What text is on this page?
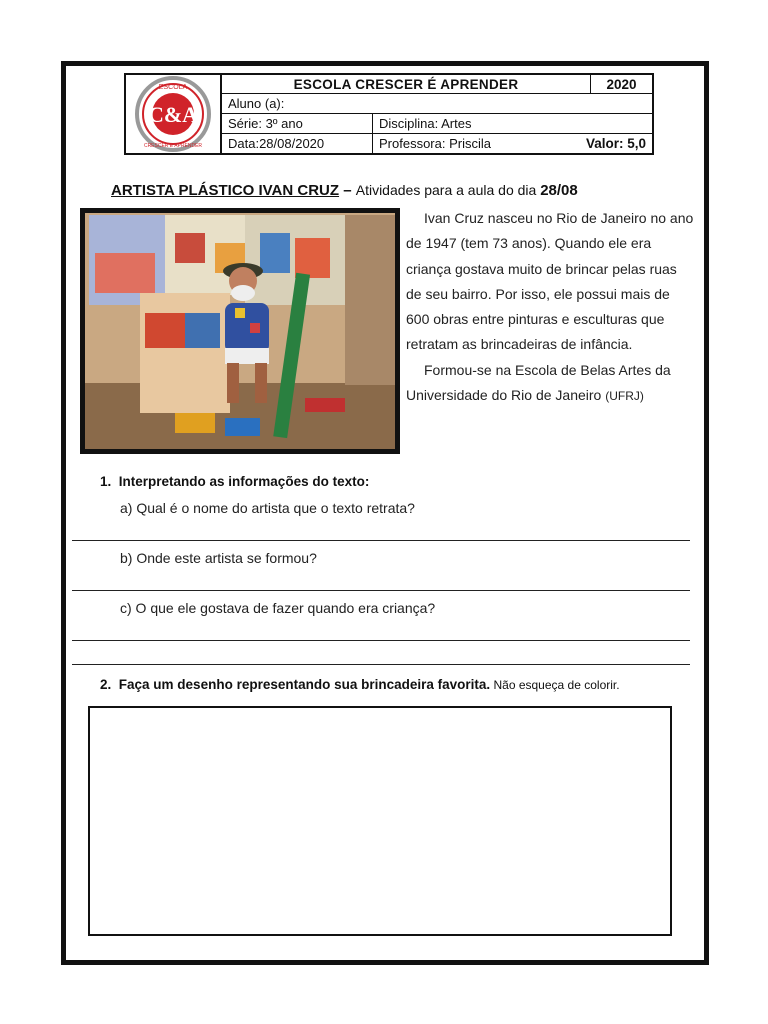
C&A
ESCOLA
CRESCER E APRENDER
ESCOLA CRESCER É APRENDER	2020
Aluno (a):
Série: 3º ano	Disciplina: Artes
Data:28/08/2020	Professora: Priscila	Valor: 5,0
ARTISTA PLÁSTICO IVAN CRUZ – Atividades para a aula do dia 28/08

Ivan Cruz nasceu no Rio de Janeiro no ano de 1947 (tem 73 anos). Quando ele era criança gostava muito de brincar pelas ruas de seu bairro. Por isso, ele possui mais de 600 obras entre pinturas e esculturas que retratam as brincadeiras de infância.

Formou-se na Escola de Belas Artes da Universidade do Rio de Janeiro (UFRJ)

1. Interpretando as informações do texto:
a) Qual é o nome do artista que o texto retrata?
b) Onde este artista se formou?
c) O que ele gostava de fazer quando era criança?
2. Faça um desenho representando sua brincadeira favorita. Não esqueça de colorir.
